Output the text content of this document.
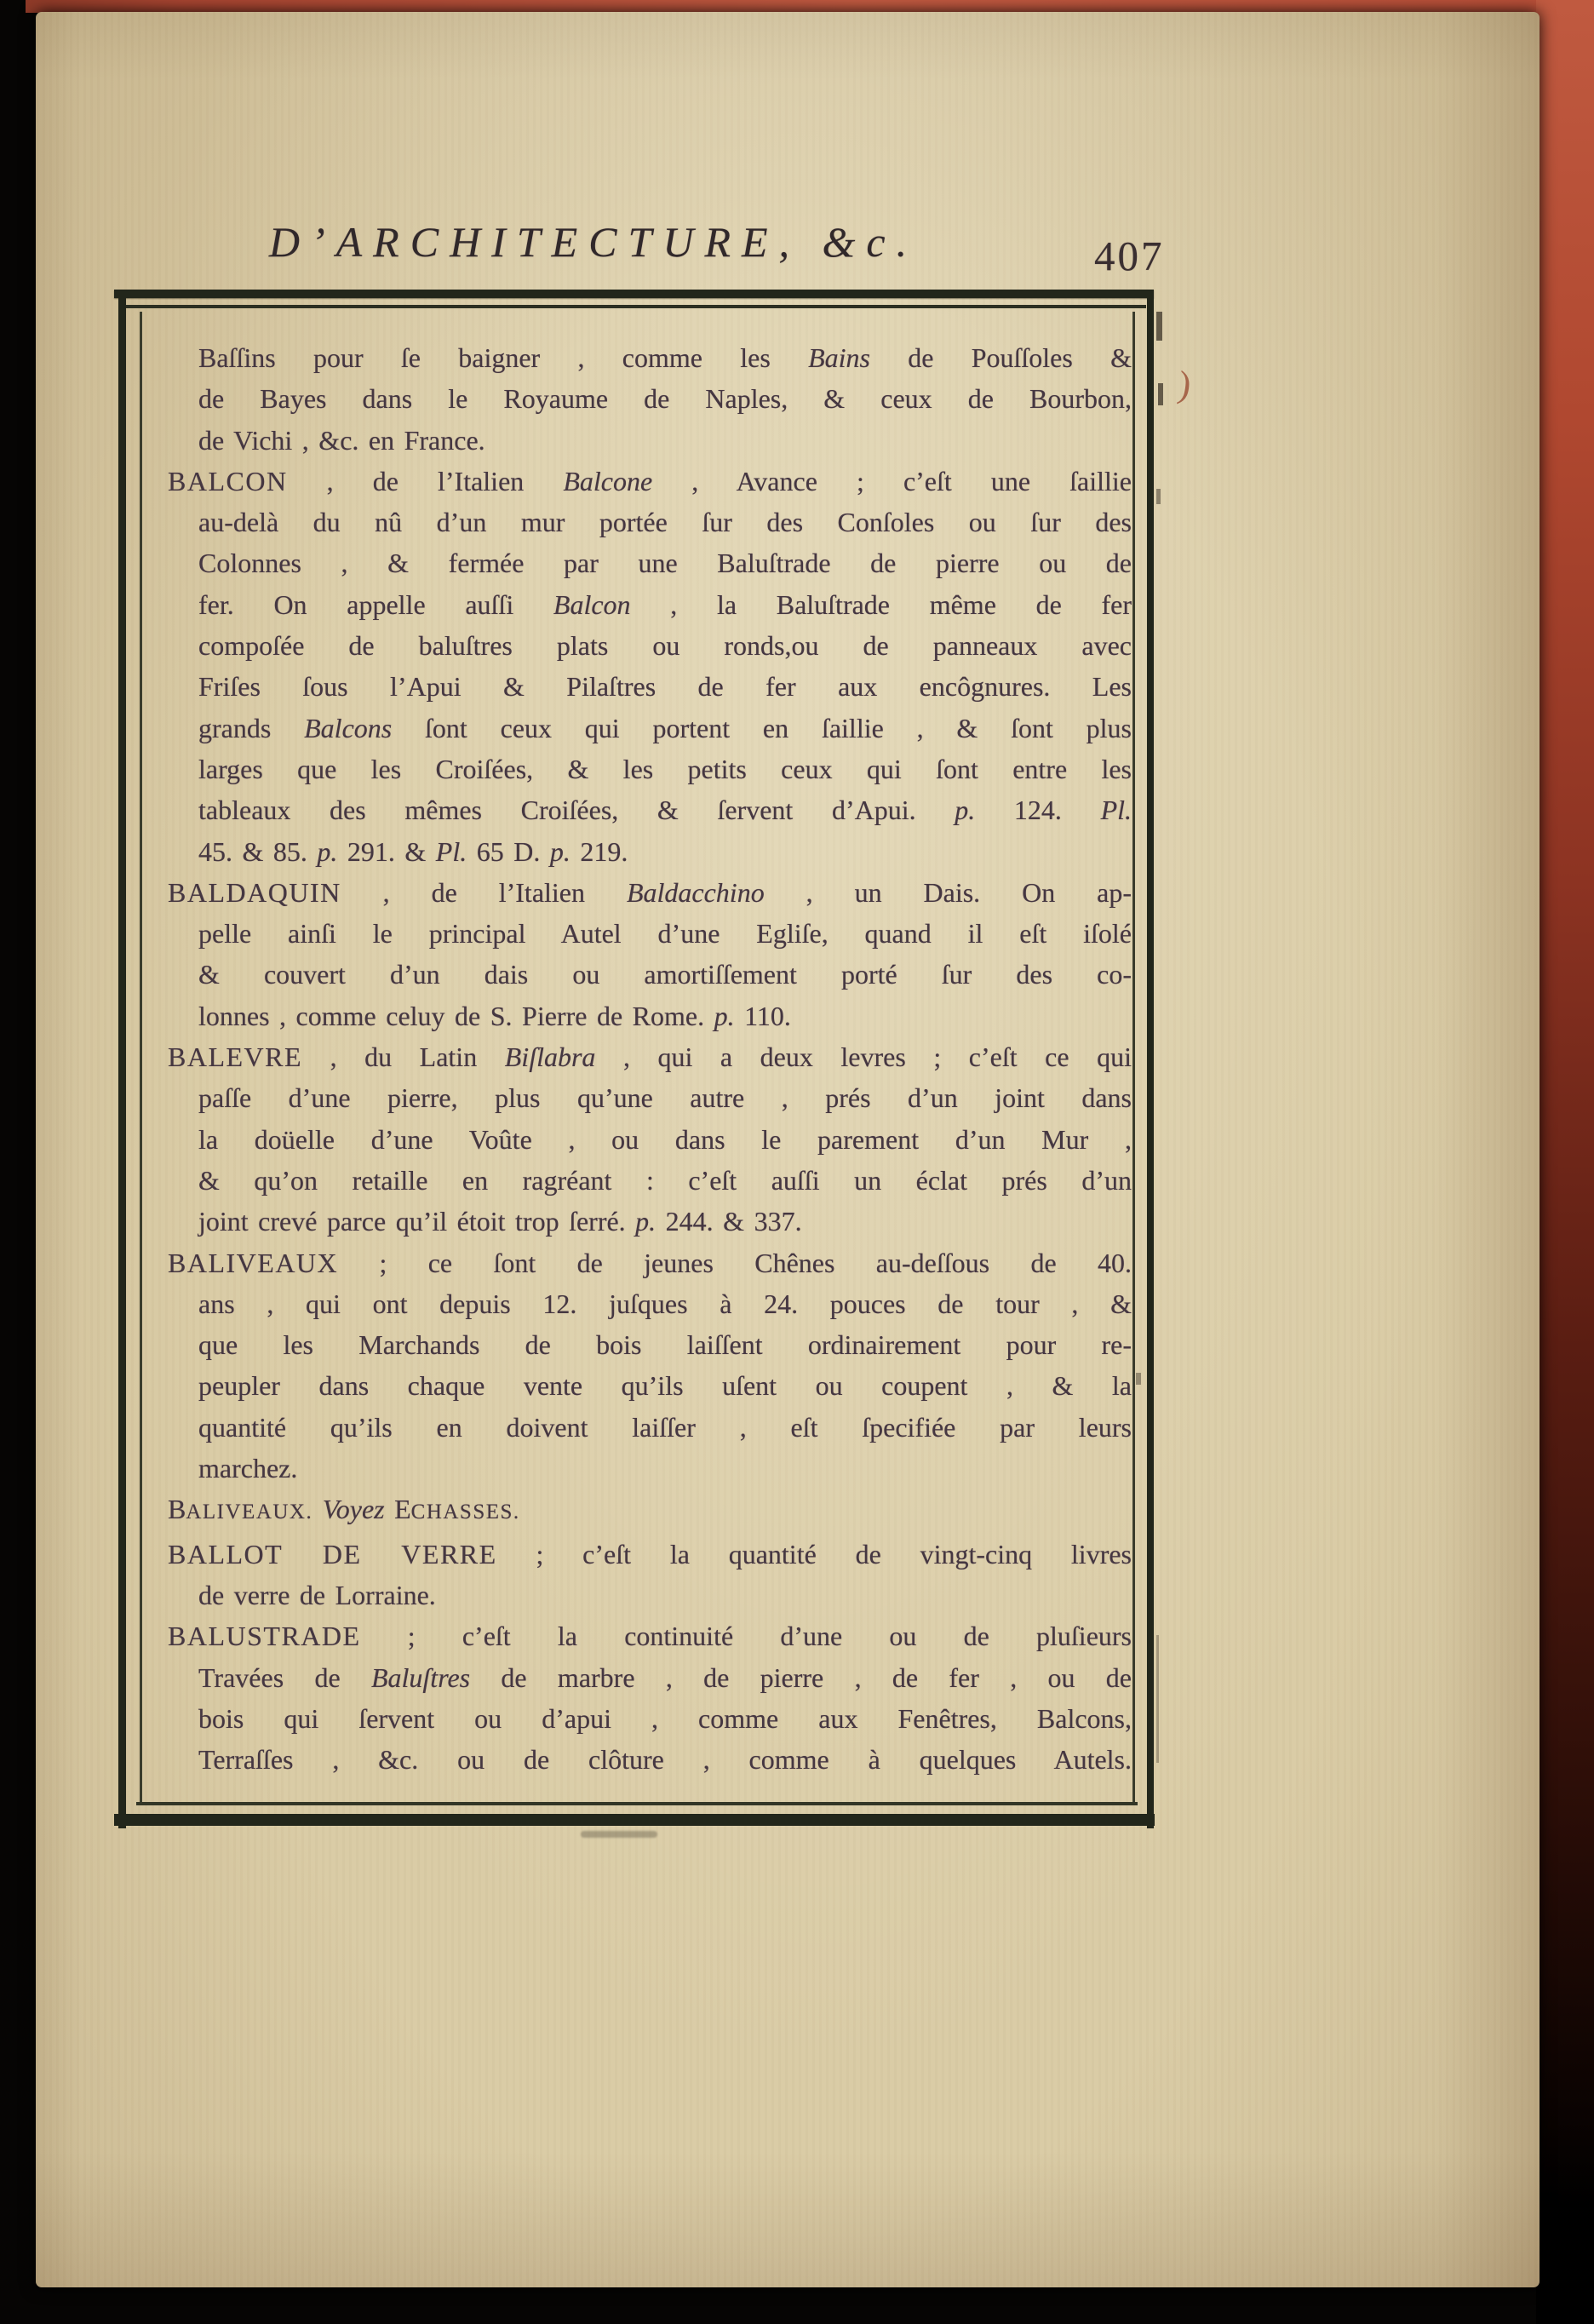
D’ARCHITECTURE, &c.	407
Baſſins pour ſe baigner , comme les Bains de Pouſſoles &
de Bayes dans le Royaume de Naples, & ceux de Bourbon,
de Vichi , &c. en France.
BALCON , de l’Italien Balcone , Avance ; c’eſt une ſaillie
au-delà du nû d’un mur portée ſur des Conſoles ou ſur des
Colonnes , & fermée par une Baluſtrade de pierre ou de
fer. On appelle auſſi Balcon , la Baluſtrade même de fer
compoſée de baluſtres plats ou ronds,ou de panneaux avec
Friſes ſous l’Apui & Pilaſtres de fer aux encôgnures. Les
grands Balcons ſont ceux qui portent en ſaillie , & ſont plus
larges que les Croiſées, & les petits ceux qui ſont entre les
tableaux des mêmes Croiſées, & ſervent d’Apui. p. 124. Pl.
45. & 85. p. 291. & Pl. 65 D. p. 219.
BALDAQUIN , de l’Italien Baldacchino , un Dais. On ap-
pelle ainſi le principal Autel d’une Egliſe, quand il eſt iſolé
& couvert d’un dais ou amortiſſement porté ſur des co-
lonnes , comme celuy de S. Pierre de Rome. p. 110.
BALEVRE , du Latin Biſlabra , qui a deux levres ; c’eſt ce qui
paſſe d’une pierre, plus qu’une autre , prés d’un joint dans
la doüelle d’une Voûte , ou dans le parement d’un Mur ,
& qu’on retaille en ragréant : c’eſt auſſi un éclat prés d’un
joint crevé parce qu’il étoit trop ſerré. p. 244. & 337.
BALIVEAUX ; ce ſont de jeunes Chênes au-deſſous de 40.
ans , qui ont depuis 12. juſques à 24. pouces de tour , &
que les Marchands de bois laiſſent ordinairement pour re-
peupler dans chaque vente qu’ils uſent ou coupent , & la
quantité qu’ils en doivent laiſſer , eſt ſpecifiée par leurs
marchez.
BALIVEAUX. Voyez ECHASSES.
BALLOT DE VERRE ; c’eſt la quantité de vingt-cinq livres
de verre de Lorraine.
BALUSTRADE ; c’eſt la continuité d’une ou de pluſieurs
Travées de Baluſtres de marbre , de pierre , de fer , ou de
bois qui ſervent ou d’apui , comme aux Fenêtres, Balcons,
Terraſſes , &c. ou de clôture , comme à quelques Autels.
)
